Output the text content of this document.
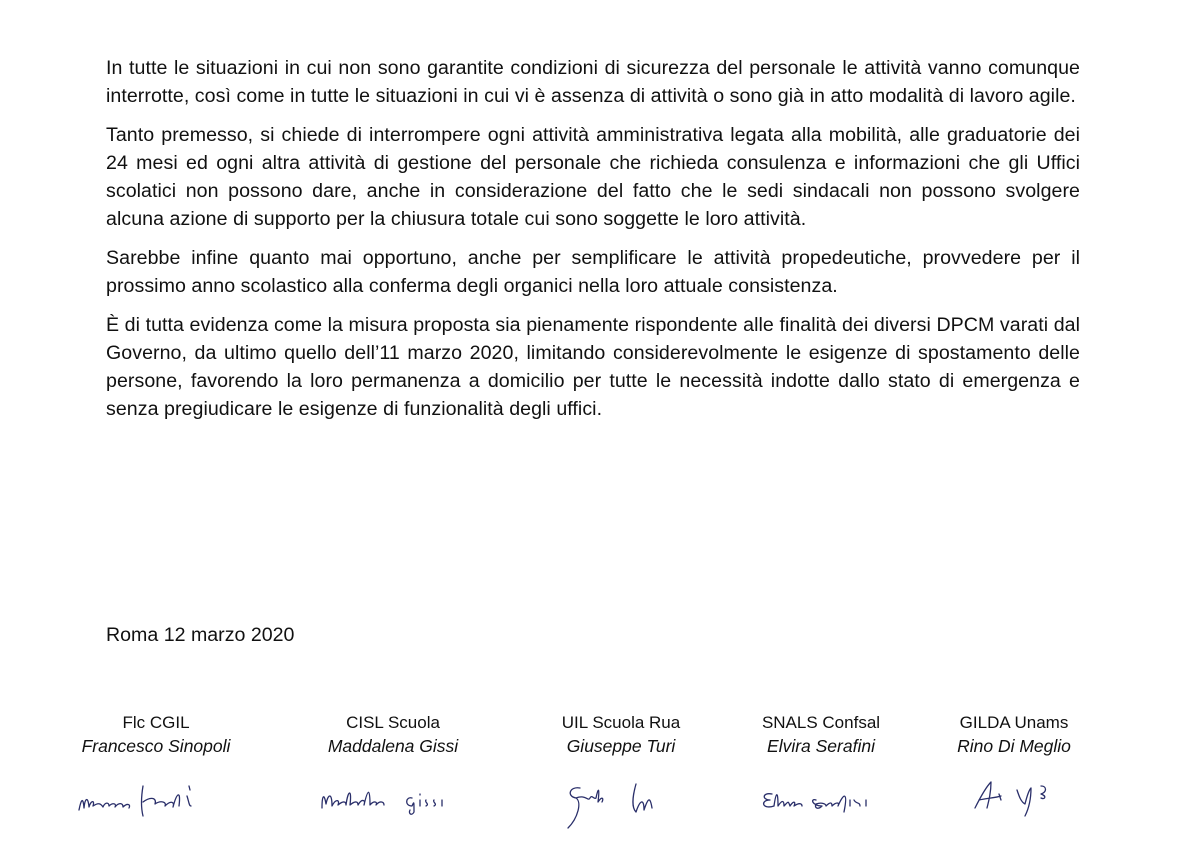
In tutte le situazioni in cui non sono garantite condizioni di sicurezza del personale le attività vanno comunque interrotte, così come in tutte le situazioni in cui vi è assenza di attività o sono già in atto modalità di lavoro agile.

Tanto premesso, si chiede di interrompere ogni attività amministrativa legata alla mobilità, alle graduatorie dei 24 mesi ed ogni altra attività di gestione del personale che richieda consulenza e informazioni che gli Uffici scolatici non possono dare, anche in considerazione del fatto che le sedi sindacali non possono svolgere alcuna azione di supporto per la chiusura totale cui sono soggette le loro attività.

Sarebbe infine quanto mai opportuno, anche per semplificare le attività propedeutiche, provvedere per il prossimo anno scolastico alla conferma degli organici nella loro attuale consistenza.

È di tutta evidenza come la misura proposta sia pienamente rispondente alle finalità dei diversi DPCM varati dal Governo, da ultimo quello dell’11 marzo 2020, limitando considerevolmente le esigenze di spostamento delle persone, favorendo la loro permanenza a domicilio per tutte le necessità indotte dallo stato di emergenza e senza pregiudicare le esigenze di funzionalità degli uffici.

Roma 12 marzo 2020
Flc CGIL
Francesco Sinopoli
CISL Scuola
Maddalena Gissi
UIL Scuola Rua
Giuseppe Turi
SNALS Confsal
Elvira Serafini
GILDA Unams
Rino Di Meglio
